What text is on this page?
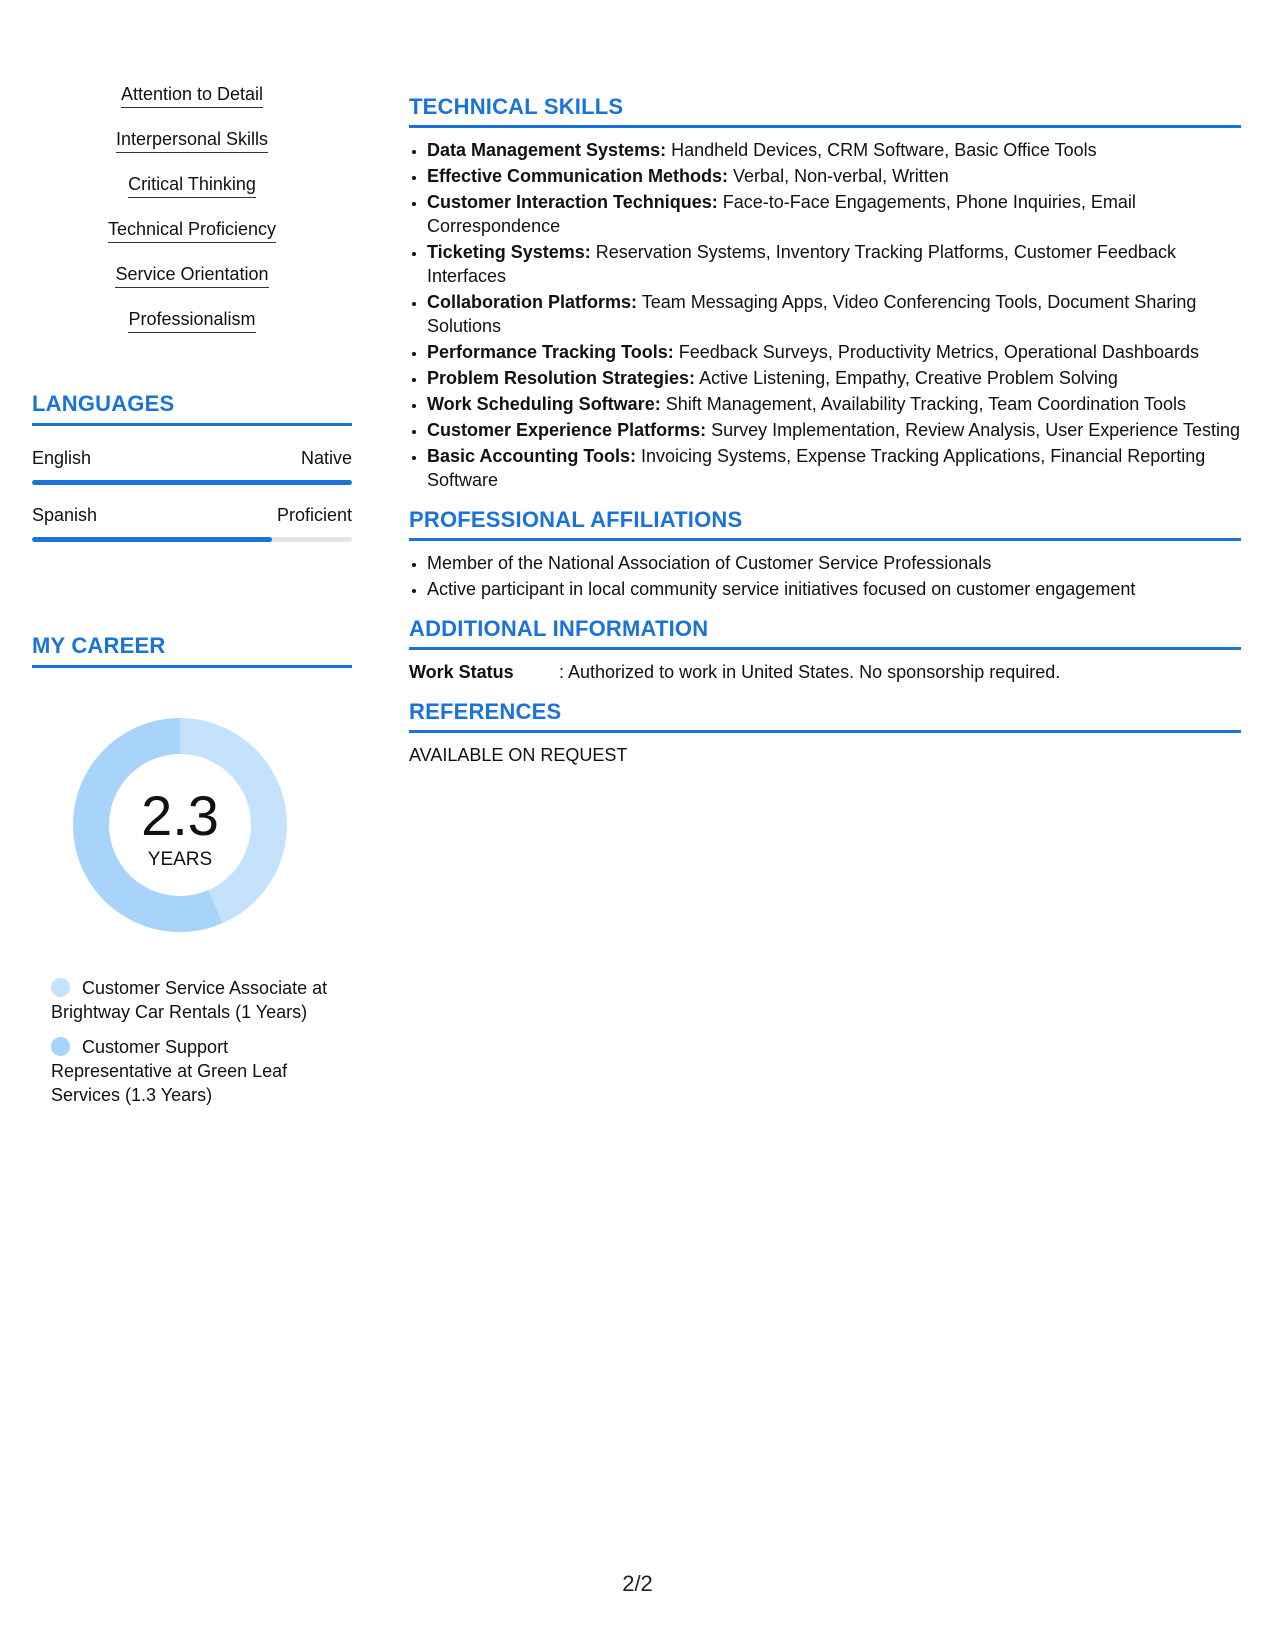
Attention to Detail
Interpersonal Skills
Critical Thinking
Technical Proficiency
Service Orientation
Professionalism
LANGUAGES
English	Native
Spanish	Proficient
MY CAREER
2.3
YEARS
Customer Service Associate at Brightway Car Rentals (1 Years)
Customer Support Representative at Green Leaf Services (1.3 Years)
TECHNICAL SKILLS
• Data Management Systems: Handheld Devices, CRM Software, Basic Office Tools
• Effective Communication Methods: Verbal, Non-verbal, Written
• Customer Interaction Techniques: Face-to-Face Engagements, Phone Inquiries, Email Correspondence
• Ticketing Systems: Reservation Systems, Inventory Tracking Platforms, Customer Feedback Interfaces
• Collaboration Platforms: Team Messaging Apps, Video Conferencing Tools, Document Sharing Solutions
• Performance Tracking Tools: Feedback Surveys, Productivity Metrics, Operational Dashboards
• Problem Resolution Strategies: Active Listening, Empathy, Creative Problem Solving
• Work Scheduling Software: Shift Management, Availability Tracking, Team Coordination Tools
• Customer Experience Platforms: Survey Implementation, Review Analysis, User Experience Testing
• Basic Accounting Tools: Invoicing Systems, Expense Tracking Applications, Financial Reporting Software
PROFESSIONAL AFFILIATIONS
• Member of the National Association of Customer Service Professionals
• Active participant in local community service initiatives focused on customer engagement
ADDITIONAL INFORMATION
Work Status	: Authorized to work in United States. No sponsorship required.
REFERENCES
AVAILABLE ON REQUEST
2/2
